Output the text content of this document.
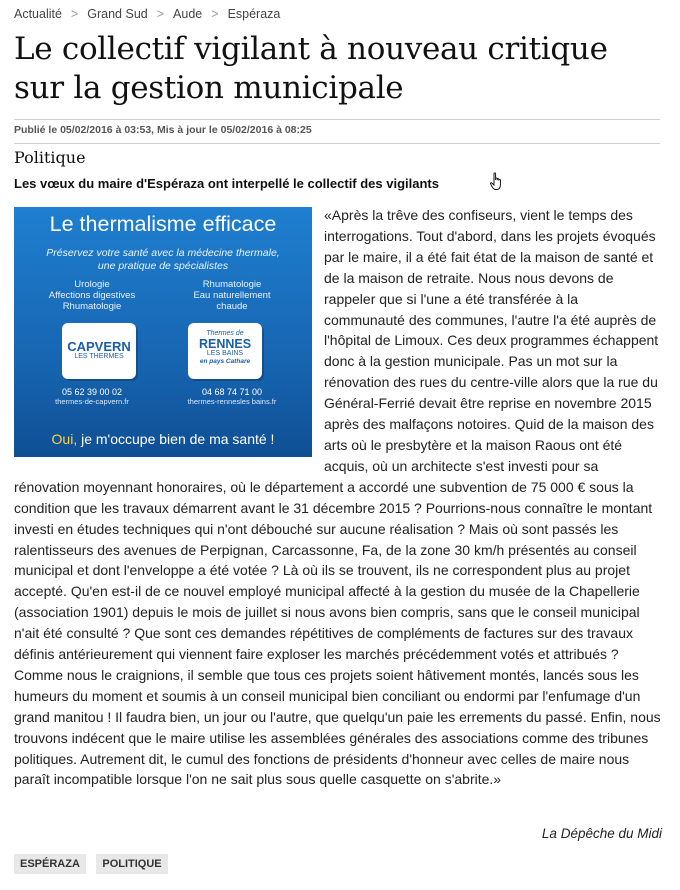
Actualité > Grand Sud > Aude > Espéraza
Le collectif vigilant à nouveau critique sur la gestion municipale
Publié le 05/02/2016 à 03:53, Mis à jour le 05/02/2016 à 08:25
Politique
Les vœux du maire d'Espéraza ont interpellé le collectif des vigilants
Le thermalisme efficace
Préservez votre santé avec la médecine thermale,
une pratique de spécialistes
Urologie
Affections digestives
Rhumatologie
Rhumatologie
Eau naturellement
chaude
CAPVERN
LES THERMES
Thermes de
RENNES
LES BAINS
en pays Cathare
05 62 39 00 02
thermes-de-capvern.fr
04 68 74 71 00
thermes-rennesles bains.fr
Oui, je m'occupe bien de ma santé !
«Après la trêve des confiseurs, vient le temps des interrogations. Tout d'abord, dans les projets évoqués par le maire, il a été fait état de la maison de santé et de la maison de retraite. Nous nous devons de rappeler que si l'une a été transférée à la communauté des communes, l'autre l'a été auprès de l'hôpital de Limoux. Ces deux programmes échappent donc à la gestion municipale. Pas un mot sur la rénovation des rues du centre-ville alors que la rue du Général-Ferrié devait être reprise en novembre 2015 après des malfaçons notoires. Quid de la maison des arts où le presbytère et la maison Raous ont été acquis, où un architecte s'est investi pour sa rénovation moyennant honoraires, où le département a accordé une subvention de 75 000 € sous la condition que les travaux démarrent avant le 31 décembre 2015 ? Pourrions-nous connaître le montant investi en études techniques qui n'ont débouché sur aucune réalisation ? Mais où sont passés les ralentisseurs des avenues de Perpignan, Carcassonne, Fa, de la zone 30 km/h présentés au conseil municipal et dont l'enveloppe a été votée ? Là où ils se trouvent, ils ne correspondent plus au projet accepté. Qu'en est-il de ce nouvel employé municipal affecté à la gestion du musée de la Chapellerie (association 1901) depuis le mois de juillet si nous avons bien compris, sans que le conseil municipal n'ait été consulté ? Que sont ces demandes répétitives de compléments de factures sur des travaux définis antérieurement qui viennent faire exploser les marchés précédemment votés et attribués ? Comme nous le craignions, il semble que tous ces projets soient hâtivement montés, lancés sous les humeurs du moment et soumis à un conseil municipal bien conciliant ou endormi par l'enfumage d'un grand manitou ! Il faudra bien, un jour ou l'autre, que quelqu'un paie les errements du passé. Enfin, nous trouvons indécent que le maire utilise les assemblées générales des associations comme des tribunes politiques. Autrement dit, le cumul des fonctions de présidents d'honneur avec celles de maire nous paraît incompatible lorsque l'on ne sait plus sous quelle casquette on s'abrite.»
La Dépêche du Midi
ESPÉRAZA POLITIQUE
